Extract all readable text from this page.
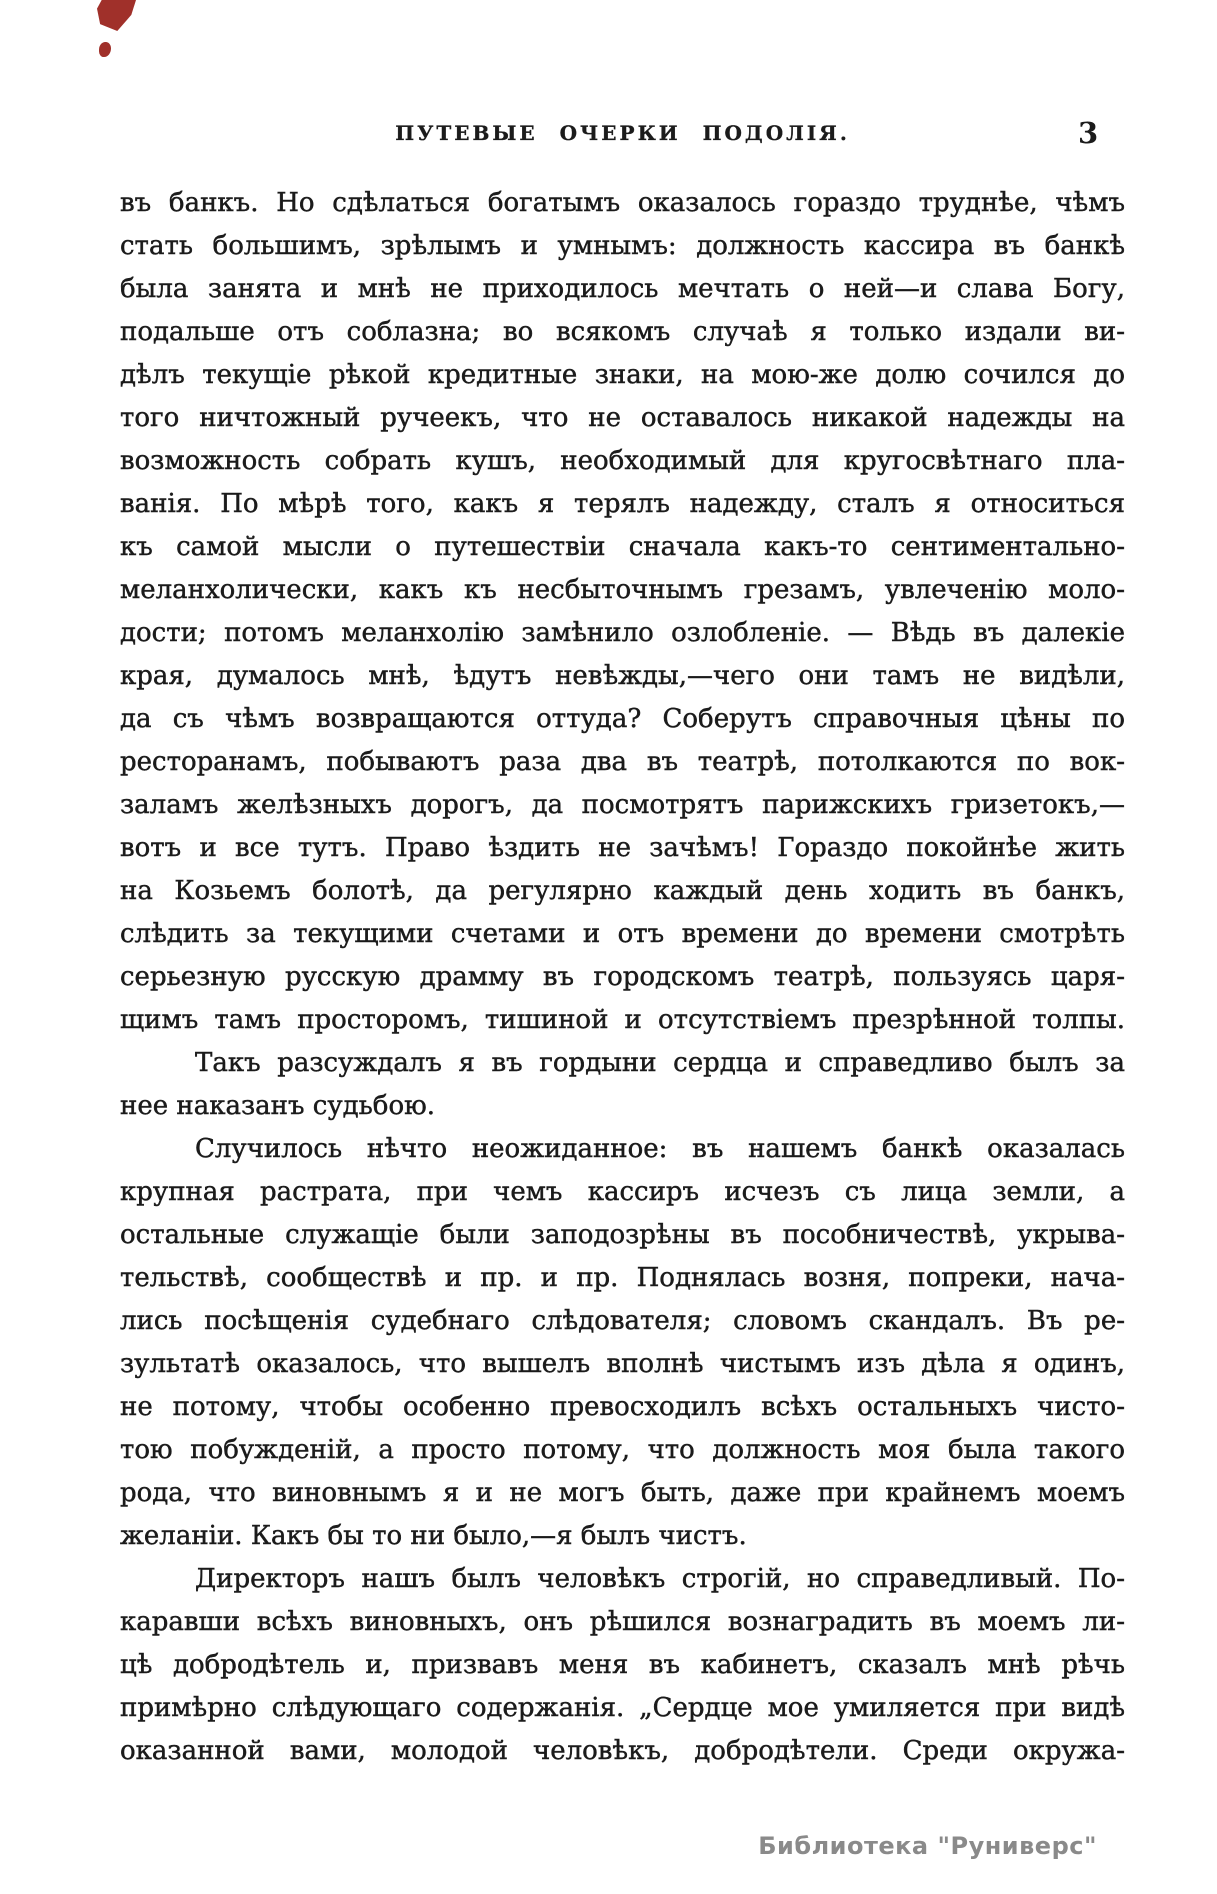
ПУТЕВЫЕ ОЧЕРКИ ПОДОЛІЯ.	3
въ банкъ. Но сдѣлаться богатымъ оказалось гораздо труднѣе, чѣмъ
стать большимъ, зрѣлымъ и умнымъ: должность кассира въ банкѣ
была занята и мнѣ не приходилось мечтать о ней—и слава Богу,
подальше отъ соблазна; во всякомъ случаѣ я только издали ви-
дѣлъ текущіе рѣкой кредитные знаки, на мою-же долю сочился до
того ничтожный ручеекъ, что не оставалось никакой надежды на
возможность собрать кушъ, необходимый для кругосвѣтнаго пла-
ванія. По мѣрѣ того, какъ я терялъ надежду, сталъ я относиться
къ самой мысли о путешествіи сначала какъ-то сентиментально-
меланхолически, какъ къ несбыточнымъ грезамъ, увлеченію моло-
дости; потомъ меланхолію замѣнило озлобленіе. — Вѣдь въ далекіе
края, думалось мнѣ, ѣдутъ невѣжды,—чего они тамъ не видѣли,
да съ чѣмъ возвращаются оттуда? Соберутъ справочныя цѣны по
ресторанамъ, побываютъ раза два въ театрѣ, потолкаются по вок-
заламъ желѣзныхъ дорогъ, да посмотрятъ парижскихъ гризетокъ,—
вотъ и все тутъ. Право ѣздить не зачѣмъ! Гораздо покойнѣе жить
на Козьемъ болотѣ, да регулярно каждый день ходить въ банкъ,
слѣдить за текущими счетами и отъ времени до времени смотрѣть
серьезную русскую драмму въ городскомъ театрѣ, пользуясь царя-
щимъ тамъ просторомъ, тишиной и отсутствіемъ презрѣнной толпы.
Такъ разсуждалъ я въ гордыни сердца и справедливо былъ за
нее наказанъ судьбою.
Случилось нѣчто неожиданное: въ нашемъ банкѣ оказалась
крупная растрата, при чемъ кассиръ исчезъ съ лица земли, а
остальные служащіе были заподозрѣны въ пособничествѣ, укрыва-
тельствѣ, сообществѣ и пр. и пр. Поднялась возня, попреки, нача-
лись посѣщенія судебнаго слѣдователя; словомъ скандалъ. Въ ре-
зультатѣ оказалось, что вышелъ вполнѣ чистымъ изъ дѣла я одинъ,
не потому, чтобы особенно превосходилъ всѣхъ остальныхъ чисто-
тою побужденій, а просто потому, что должность моя была такого
рода, что виновнымъ я и не могъ быть, даже при крайнемъ моемъ
желаніи. Какъ бы то ни было,—я былъ чистъ.
Директоръ нашъ былъ человѣкъ строгій, но справедливый. По-
каравши всѣхъ виновныхъ, онъ рѣшился вознаградить въ моемъ ли-
цѣ добродѣтель и, призвавъ меня въ кабинетъ, сказалъ мнѣ рѣчь
примѣрно слѣдующаго содержанія. „Сердце мое умиляется при видѣ
оказанной вами, молодой человѣкъ, добродѣтели. Среди окружа-
Библиотека "Руниверс"
